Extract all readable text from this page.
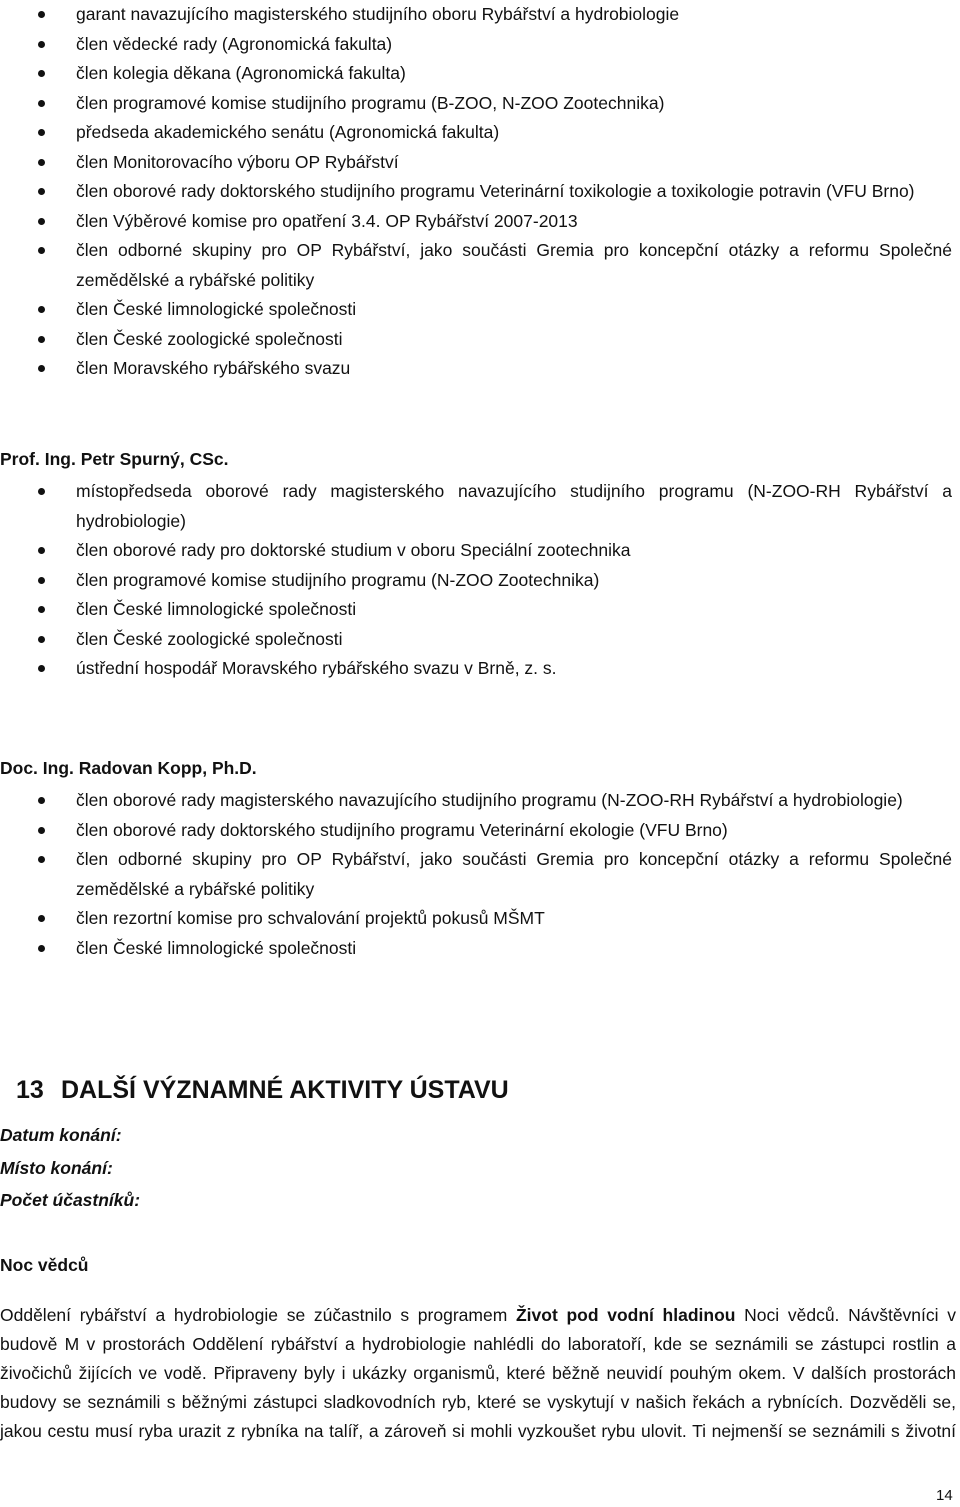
garant navazujícího magisterského studijního oboru Rybářství a hydrobiologie
člen vědecké rady (Agronomická fakulta)
člen kolegia děkana (Agronomická fakulta)
člen programové komise studijního programu (B-ZOO, N-ZOO Zootechnika)
předseda akademického senátu (Agronomická fakulta)
člen Monitorovacího výboru OP Rybářství
člen oborové rady doktorského studijního programu Veterinární toxikologie a toxikologie potravin (VFU Brno)
člen Výběrové komise pro opatření 3.4. OP Rybářství 2007-2013
člen odborné skupiny pro OP Rybářství, jako součásti Gremia pro koncepční otázky a reformu Společné zemědělské a rybářské politiky
člen České limnologické společnosti
člen České zoologické společnosti
člen Moravského rybářského svazu
Prof. Ing. Petr Spurný, CSc.
místopředseda oborové rady magisterského navazujícího studijního programu (N-ZOO-RH Rybářství a hydrobiologie)
člen oborové rady pro doktorské studium v oboru Speciální zootechnika
člen programové komise studijního programu (N-ZOO Zootechnika)
člen České limnologické společnosti
člen České zoologické společnosti
ústřední hospodář Moravského rybářského svazu v Brně, z. s.
Doc. Ing. Radovan Kopp, Ph.D.
člen oborové rady magisterského navazujícího studijního programu (N-ZOO-RH Rybářství a hydrobiologie)
člen oborové rady doktorského studijního programu Veterinární ekologie (VFU Brno)
člen odborné skupiny pro OP Rybářství, jako součásti Gremia pro koncepční otázky a reformu Společné zemědělské a rybářské politiky
člen rezortní komise pro schvalování projektů pokusů MŠMT
člen České limnologické společnosti
13 DALŠÍ VÝZNAMNÉ AKTIVITY ÚSTAVU
Datum konání:
Místo konání:
Počet účastníků:
Noc vědců

Oddělení rybářství a hydrobiologie se zúčastnilo s programem Život pod vodní hladinou Noci vědců. Návštěvníci v budově M v prostorách Oddělení rybářství a hydrobiologie nahlédli do laboratoří, kde se seznámili se zástupci rostlin a živočichů žijících ve vodě. Připraveny byly i ukázky organismů, které běžně neuvidí pouhým okem. V dalších prostorách budovy se seznámili s běžnými zástupci sladkovodních ryb, které se vyskytují v našich řekách a rybnících. Dozvěděli se, jakou cestu musí ryba urazit z rybníka na talíř, a zároveň si mohli vyzkoušet rybu ulovit. Ti nejmenší se seznámili s životní

14
